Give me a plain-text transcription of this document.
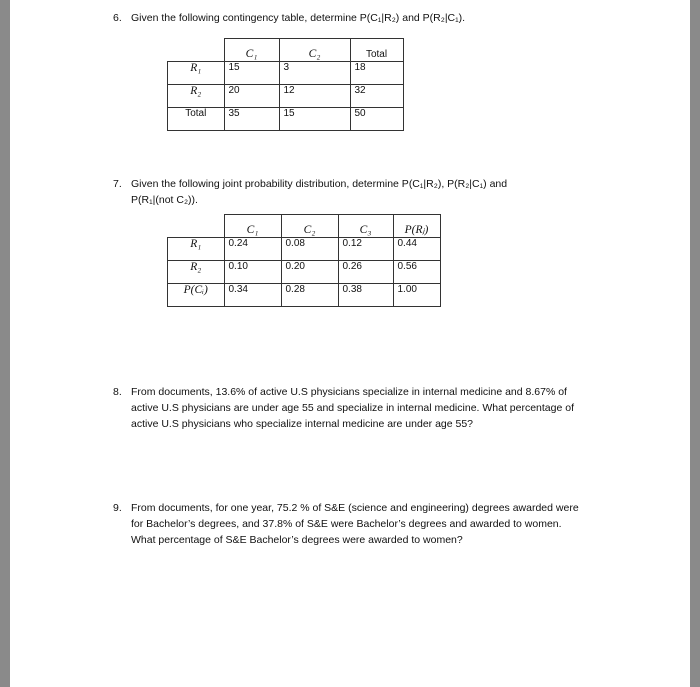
6. Given the following contingency table, determine P(C₁|R₂) and P(R₂|C₁).
	C₁	C₂	Total
R₁	15	3	18
R₂	20	12	32
Total	35	15	50
7. Given the following joint probability distribution, determine P(C₁|R₂), P(R₂|C₁) and
P(R₁|(not C₂)).
	C₁	C₂	C₃	P(Rⱼ)
R₁	0.24	0.08	0.12	0.44
R₂	0.10	0.20	0.26	0.56
P(Cᵢ)	0.34	0.28	0.38	1.00
8. From documents, 13.6% of active U.S physicians specialize in internal medicine and 8.67% of
active U.S physicians are under age 55 and specialize in internal medicine. What percentage of
active U.S physicians who specialize internal medicine are under age 55?
9. From documents, for one year, 75.2 % of S&E (science and engineering) degrees awarded were
for Bachelor’s degrees, and 37.8% of S&E were Bachelor’s degrees and awarded to women.
What percentage of S&E Bachelor’s degrees were awarded to women?
